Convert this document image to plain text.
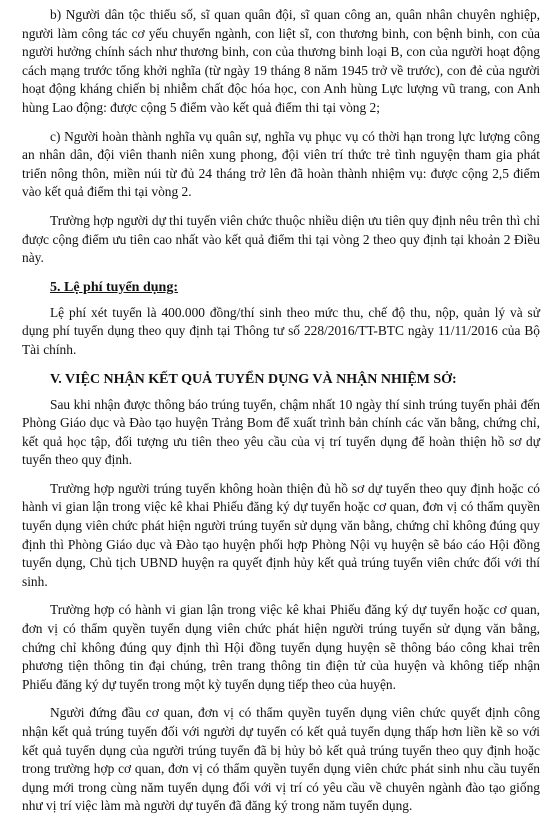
b) Người dân tộc thiểu số, sĩ quan quân đội, sĩ quan công an, quân nhân chuyên nghiệp, người làm công tác cơ yếu chuyển ngành, con liệt sĩ, con thương binh, con bệnh binh, con của người hưởng chính sách như thương binh, con của thương binh loại B, con của người hoạt động cách mạng trước tổng khởi nghĩa (từ ngày 19 tháng 8 năm 1945 trở về trước), con đẻ của người hoạt động kháng chiến bị nhiễm chất độc hóa học, con Anh hùng Lực lượng vũ trang, con Anh hùng Lao động: được cộng 5 điểm vào kết quả điểm thi tại vòng 2;

c) Người hoàn thành nghĩa vụ quân sự, nghĩa vụ phục vụ có thời hạn trong lực lượng công an nhân dân, đội viên thanh niên xung phong, đội viên trí thức trẻ tình nguyện tham gia phát triển nông thôn, miền núi từ đủ 24 tháng trở lên đã hoàn thành nhiệm vụ: được cộng 2,5 điểm vào kết quả điểm thi tại vòng 2.

Trường hợp người dự thi tuyển viên chức thuộc nhiều diện ưu tiên quy định nêu trên thì chỉ được cộng điểm ưu tiên cao nhất vào kết quả điểm thi tại vòng 2 theo quy định tại khoản 2 Điều này.

5. Lệ phí tuyển dụng:

Lệ phí xét tuyển là 400.000 đồng/thí sinh theo mức thu, chế độ thu, nộp, quản lý và sử dụng phí tuyển dụng theo quy định tại Thông tư số 228/2016/TT-BTC ngày 11/11/2016 của Bộ Tài chính.

V. VIỆC NHẬN KẾT QUẢ TUYỂN DỤNG VÀ NHẬN NHIỆM SỞ:

Sau khi nhận được thông báo trúng tuyển, chậm nhất 10 ngày thí sinh trúng tuyển phải đến Phòng Giáo dục và Đào tạo huyện Trảng Bom để xuất trình bản chính các văn bằng, chứng chỉ, kết quả học tập, đối tượng ưu tiên theo yêu cầu của vị trí tuyển dụng để hoàn thiện hồ sơ dự tuyển theo quy định.

Trường hợp người trúng tuyển không hoàn thiện đủ hồ sơ dự tuyển theo quy định hoặc có hành vi gian lận trong việc kê khai Phiếu đăng ký dự tuyển hoặc cơ quan, đơn vị có thẩm quyền tuyển dụng viên chức phát hiện người trúng tuyển sử dụng văn bằng, chứng chỉ không đúng quy định thì Phòng Giáo dục và Đào tạo huyện phối hợp Phòng Nội vụ huyện sẽ báo cáo Hội đồng tuyển dụng, Chủ tịch UBND huyện ra quyết định hủy kết quả trúng tuyển viên chức đối với thí sinh.

Trường hợp có hành vi gian lận trong việc kê khai Phiếu đăng ký dự tuyển hoặc cơ quan, đơn vị có thẩm quyền tuyển dụng viên chức phát hiện người trúng tuyển sử dụng văn bằng, chứng chỉ không đúng quy định thì Hội đồng tuyển dụng huyện sẽ thông báo công khai trên phương tiện thông tin đại chúng, trên trang thông tin điện tử của huyện và không tiếp nhận Phiếu đăng ký dự tuyển trong một kỳ tuyển dụng tiếp theo của huyện.

Người đứng đầu cơ quan, đơn vị có thẩm quyền tuyển dụng viên chức quyết định công nhận kết quả trúng tuyển đối với người dự tuyển có kết quả tuyển dụng thấp hơn liền kề so với kết quả tuyển dụng của người trúng tuyển đã bị hủy bỏ kết quả trúng tuyển theo quy định hoặc trong trường hợp cơ quan, đơn vị có thẩm quyền tuyển dụng viên chức phát sinh nhu cầu tuyển dụng mới trong cùng năm tuyển dụng đối với vị trí có yêu cầu về chuyên ngành đào tạo giống như vị trí việc làm mà người dự tuyển đã đăng ký trong năm tuyển dụng.
